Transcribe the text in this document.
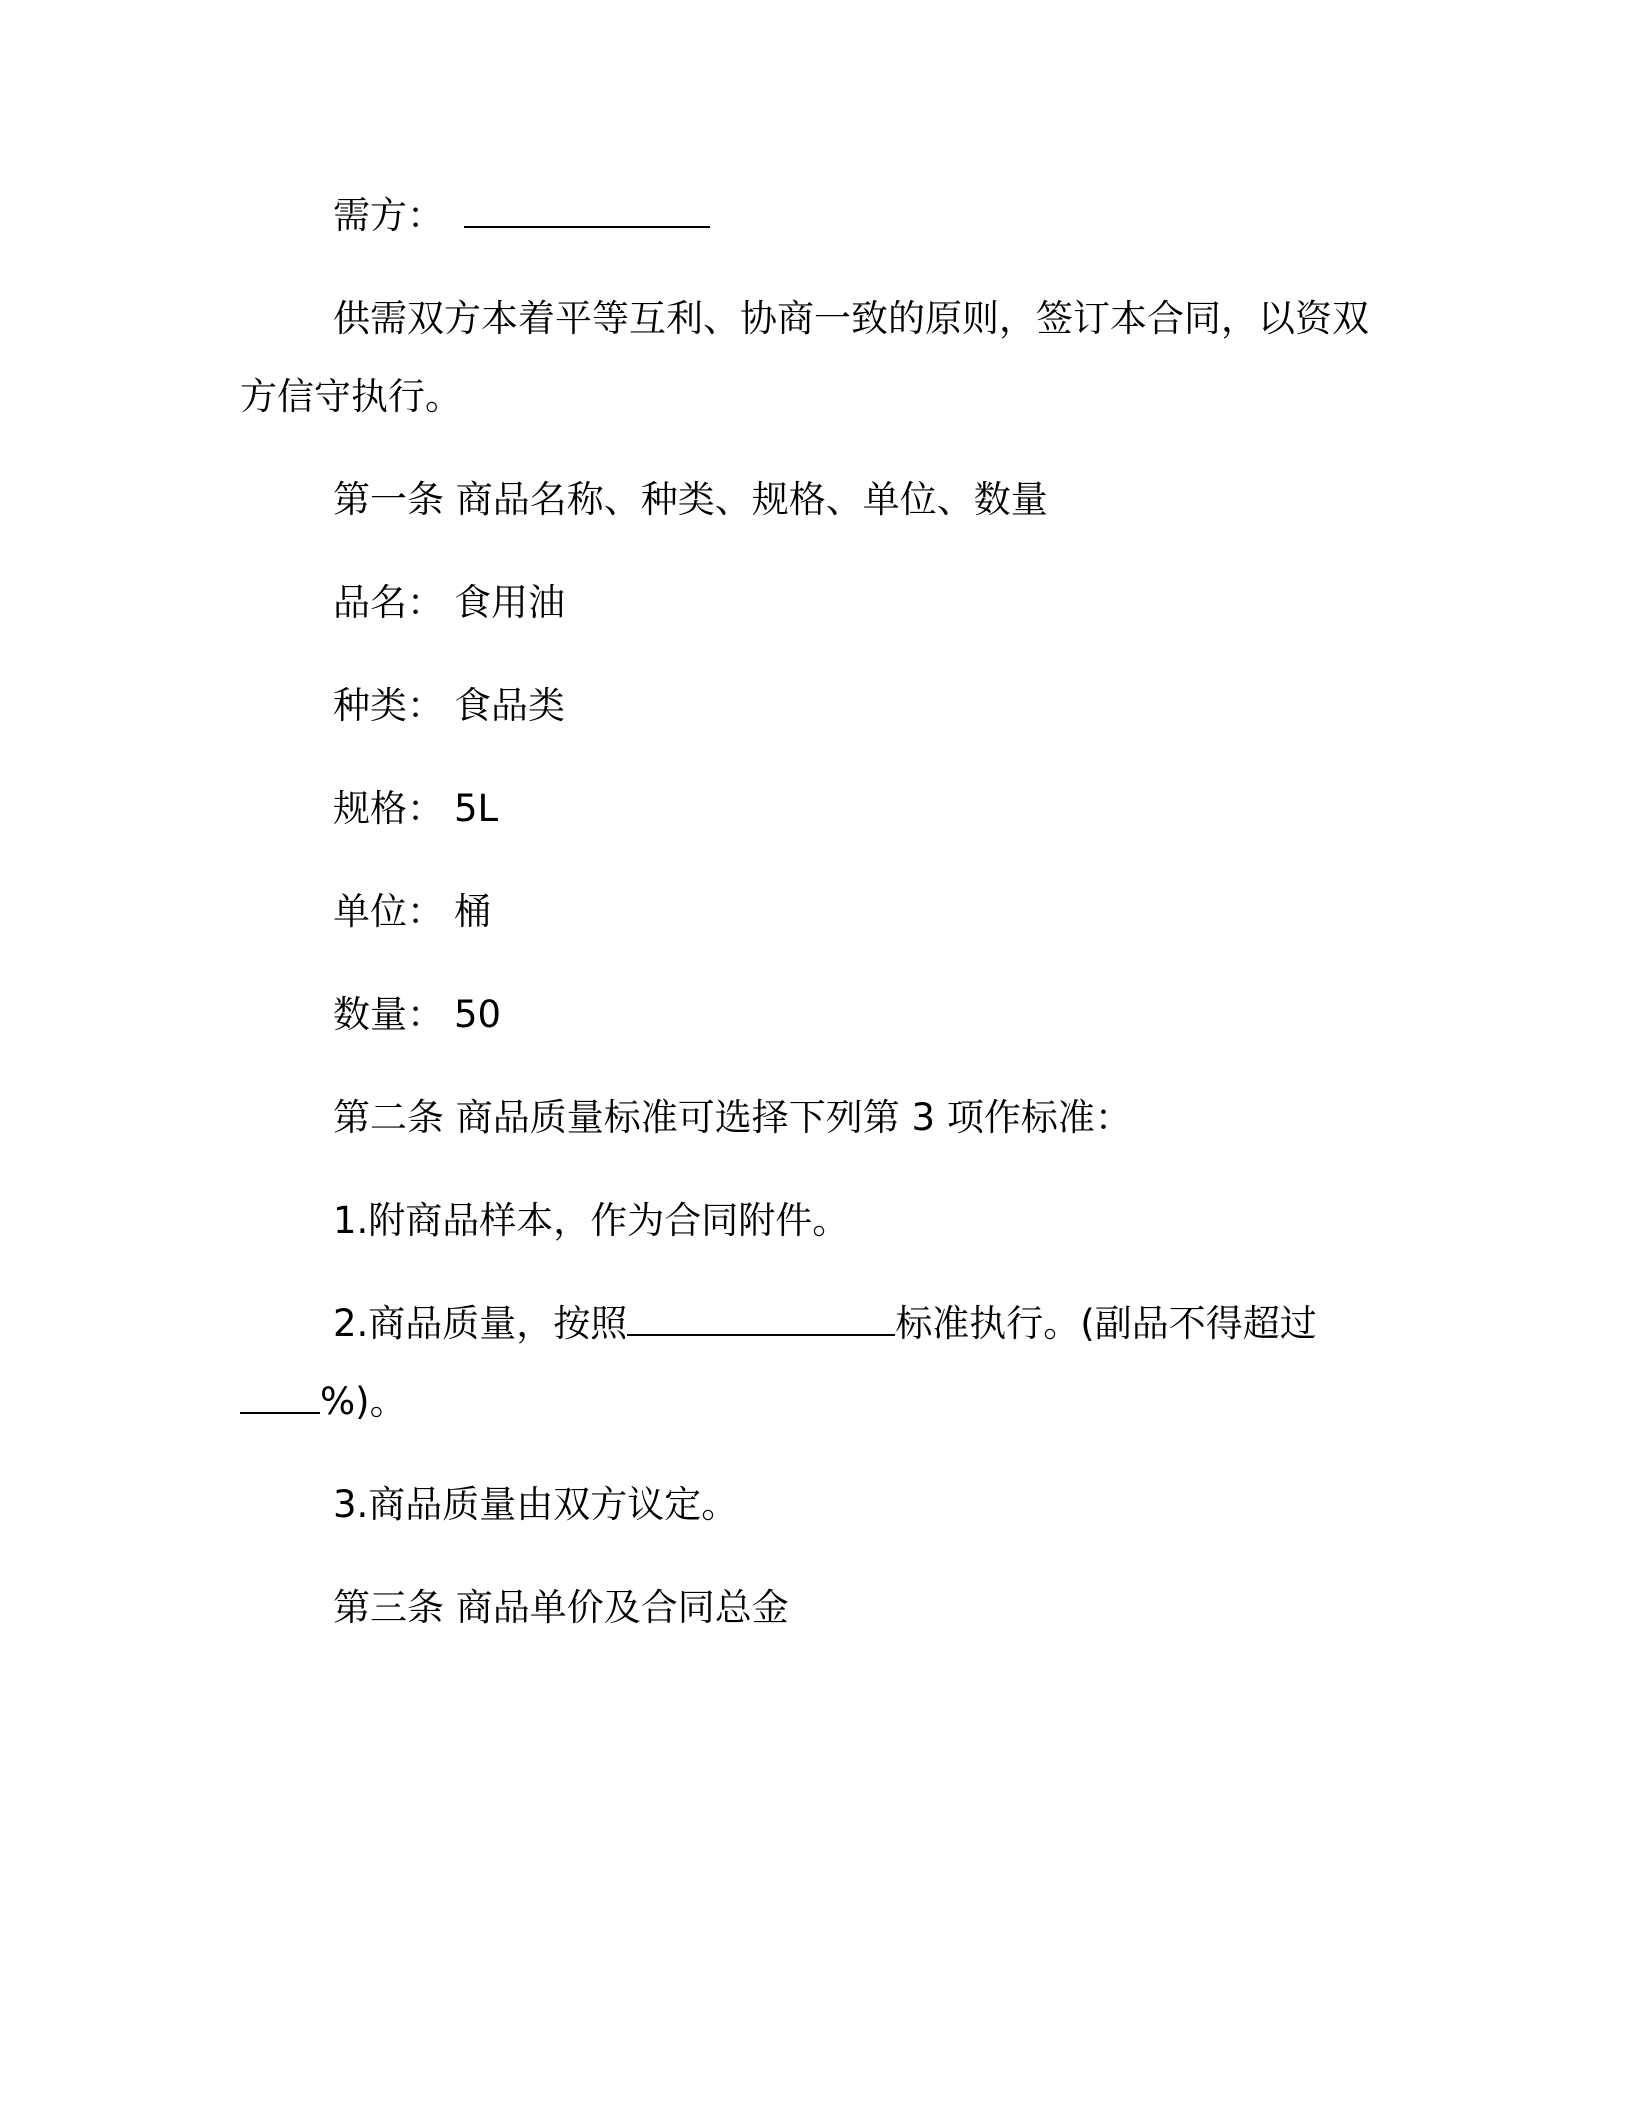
需方：
供需双方本着平等互利、协商一致的原则，签订本合同，以资双
方信守执行。
第一条 商品名称、种类、规格、单位、数量
品名： 食用油
种类： 食品类
规格： 5L
单位： 桶
数量： 50
第二条 商品质量标准可选择下列第 3 项作标准：
1.附商品样本，作为合同附件。
2.商品质量，按照	标准执行。(副品不得超过
%)。
3.商品质量由双方议定。
第三条 商品单价及合同总金
